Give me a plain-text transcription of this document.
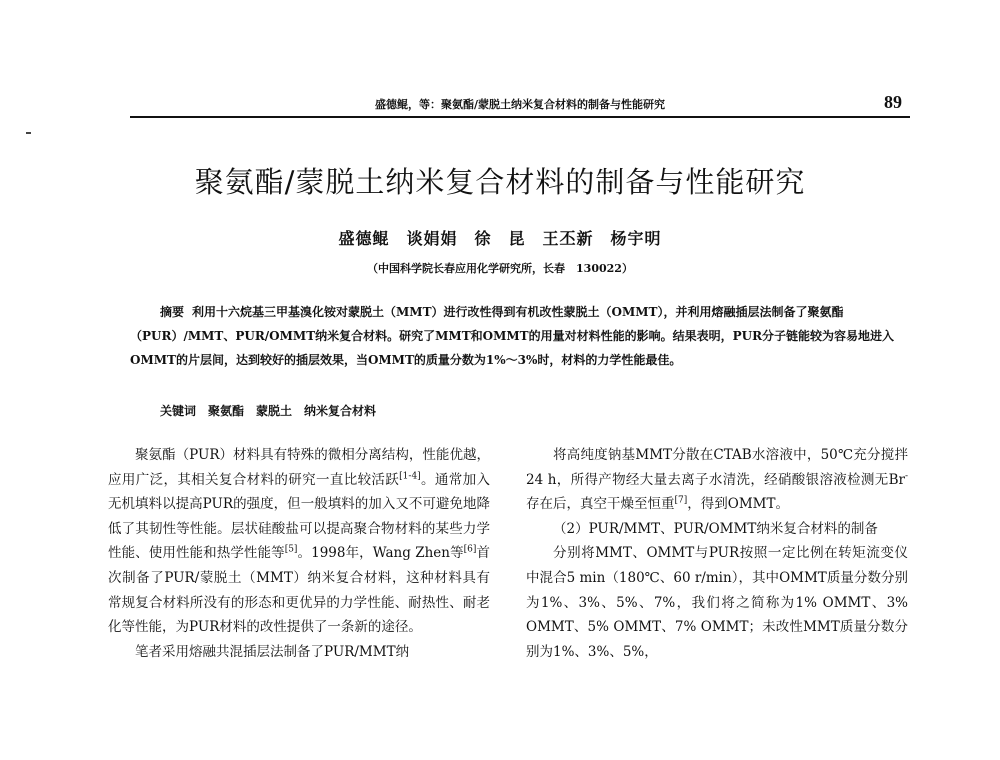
盛德鲲，等：聚氨酯/蒙脱土纳米复合材料的制备与性能研究	89
聚氨酯/蒙脱土纳米复合材料的制备与性能研究
盛德鲲　谈娟娟　徐　昆　王丕新　杨宇明
（中国科学院长春应用化学研究所，长春　130022）
摘要 利用十六烷基三甲基溴化铵对蒙脱土（MMT）进行改性得到有机改性蒙脱土（OMMT），并利用熔融插层法制备了聚氨酯（PUR）/MMT、PUR/OMMT纳米复合材料。研究了MMT和OMMT的用量对材料性能的影响。结果表明，PUR分子链能较为容易地进入OMMT的片层间，达到较好的插层效果，当OMMT的质量分数为1%～3%时，材料的力学性能最佳。
关键词 聚氨酯　蒙脱土　纳米复合材料

聚氨酯（PUR）材料具有特殊的微相分离结构，性能优越，应用广泛，其相关复合材料的研究一直比较活跃[1-4]。通常加入无机填料以提高PUR的强度，但一般填料的加入又不可避免地降低了其韧性等性能。层状硅酸盐可以提高聚合物材料的某些力学性能、使用性能和热学性能等[5]。1998年，Wang Zhen等[6]首次制备了PUR/蒙脱土（MMT）纳米复合材料，这种材料具有常规复合材料所没有的形态和更优异的力学性能、耐热性、耐老化等性能，为PUR材料的改性提供了一条新的途径。

笔者采用熔融共混插层法制备了PUR/MMT纳

将高纯度钠基MMT分散在CTAB水溶液中，50℃充分搅拌24 h，所得产物经大量去离子水清洗，经硝酸银溶液检测无Br-存在后，真空干燥至恒重[7]，得到OMMT。

（2）PUR/MMT、PUR/OMMT纳米复合材料的制备

分别将MMT、OMMT与PUR按照一定比例在转矩流变仪中混合5 min（180℃、60 r/min），其中OMMT质量分数分别为1%、3%、5%、7%，我们将之简称为1% OMMT、3% OMMT、5% OMMT、7% OMMT；未改性MMT质量分数分别为1%、3%、5%，
